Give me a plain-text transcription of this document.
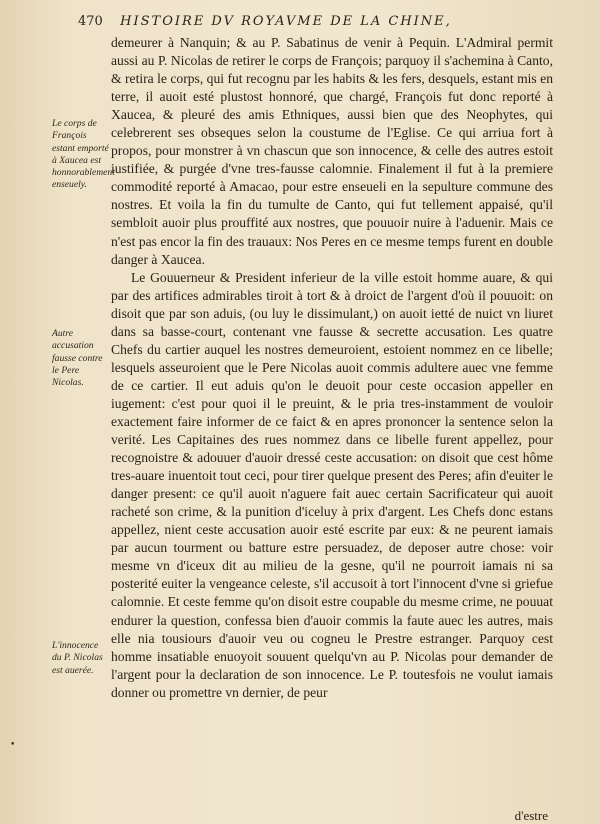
470 HISTOIRE DV ROYAVME DE LA CHINE,
Le corps de François estant emporté à Xaucea est honnorablement enseuely.
Autre accusation fausse contre le Pere Nicolas.
L'innocence du P. Nicolas est auerée.

demeurer à Nanquin; & au P. Sabatinus de venir à Pequin. L'Admiral permit aussi au P. Nicolas de retirer le corps de François; parquoy il s'achemina à Canto, & retira le corps, qui fut recognu par les habits & les fers, desquels, estant mis en terre, il auoit esté plustost honnoré, que chargé, François fut donc reporté à Xaucea, & pleuré des amis Ethniques, aussi bien que des Neophytes, qui celebrerent ses obseques selon la coustume de l'Eglise. Ce qui arriua fort à propos, pour monstrer à vn chascun que son innocence, & celle des autres estoit iustifiée, & purgée d'vne tres-fausse calomnie. Finalement il fut à la premiere commodité reporté à Amacao, pour estre enseueli en la sepulture commune des nostres. Et voila la fin du tumulte de Canto, qui fut tellement appaisé, qu'il sembloit auoir plus prouffité aux nostres, que pouuoir nuire à l'aduenir. Mais ce n'est pas encor la fin des trauaux: Nos Peres en ce mesme temps furent en double danger à Xaucea.

Le Gouuerneur & President inferieur de la ville estoit homme auare, & qui par des artifices admirables tiroit à tort & à droict de l'argent d'où il pouuoit: on disoit que par son aduis, (ou luy le dissimulant,) on auoit ietté de nuict vn liuret dans sa basse-court, contenant vne fausse & secrette accusation. Les quatre Chefs du cartier auquel les nostres demeuroient, estoient nommez en ce libelle; lesquels asseuroient que le Pere Nicolas auoit commis adultere auec vne femme de ce cartier. Il eut aduis qu'on le deuoit pour ceste occasion appeller en iugement: c'est pour quoi il le preuint, & le pria tres-instamment de vouloir exactement faire informer de ce faict & en apres prononcer la sentence selon la verité. Les Capitaines des rues nommez dans ce libelle furent appellez, pour recognoistre & adouuer d'auoir dressé ceste accusation: on disoit que cest hôme tres-auare inuentoit tout ceci, pour tirer quelque present des Peres; afin d'euiter le danger present: ce qu'il auoit n'aguere fait auec certain Sacrificateur qui auoit racheté son crime, & la punition d'iceluy à prix d'argent. Les Chefs donc estans appellez, nient ceste accusation auoir esté escrite par eux: & ne peurent iamais par aucun tourment ou batture estre persuadez, de deposer autre chose: voir mesme vn d'iceux dit au milieu de la gesne, qu'il ne pourroit iamais ni sa posterité euiter la vengeance celeste, s'il accusoit à tort l'innocent d'vne si griefue calomnie. Et ceste femme qu'on disoit estre coupable du mesme crime, ne pouuat endurer la question, confessa bien d'auoir commis la faute auec les autres, mais elle nia tousiours d'auoir veu ou cogneu le Prestre estranger. Parquoy cest homme insatiable enuoyoit souuent quelqu'vn au P. Nicolas pour demander de l'argent pour la declaration de son innocence. Le P. toutesfois ne voulut iamais donner ou promettre vn dernier, de peur

d'estre
•
